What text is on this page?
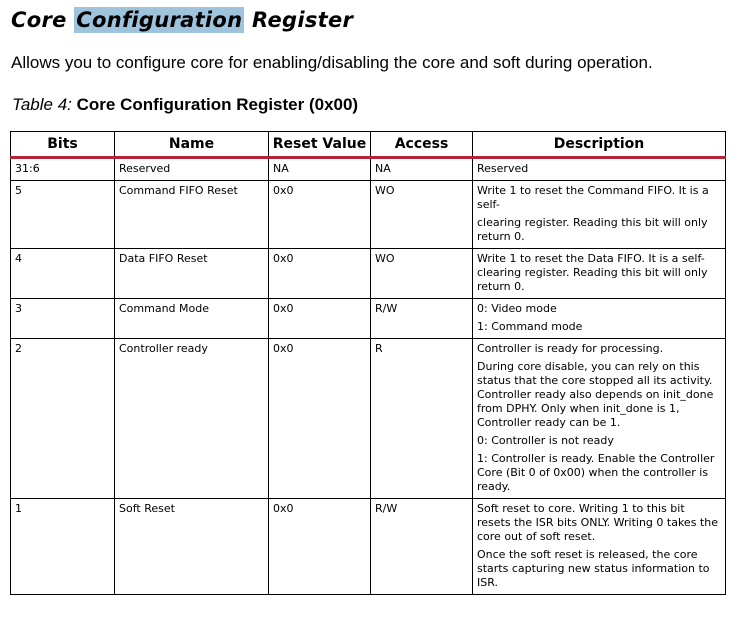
Core Configuration Register

Allows you to configure core for enabling/disabling the core and soft during operation.

Table 4: Core Configuration Register (0x00)

Bits	Name	Reset Value	Access	Description
31:6	Reserved	NA	NA	Reserved

5	Command FIFO Reset	0x0	WO	Write 1 to reset the Command FIFO. It is a self-

clearing register. Reading this bit will only return 0.

4	Data FIFO Reset	0x0	WO	Write 1 to reset the Data FIFO. It is a self-clearing register. Reading this bit will only return 0.

3	Command Mode	0x0	R/W	0: Video mode

1: Command mode

2	Controller ready	0x0	R	Controller is ready for processing.

During core disable, you can rely on this status that the core stopped all its activity. Controller ready also depends on init_done from DPHY. Only when init_done is 1, Controller ready can be 1.

0: Controller is not ready

1: Controller is ready. Enable the Controller Core (Bit 0 of 0x00) when the controller is ready.

1	Soft Reset	0x0	R/W	Soft reset to core. Writing 1 to this bit resets the ISR bits ONLY. Writing 0 takes the core out of soft reset.

Once the soft reset is released, the core starts capturing new status information to ISR.
